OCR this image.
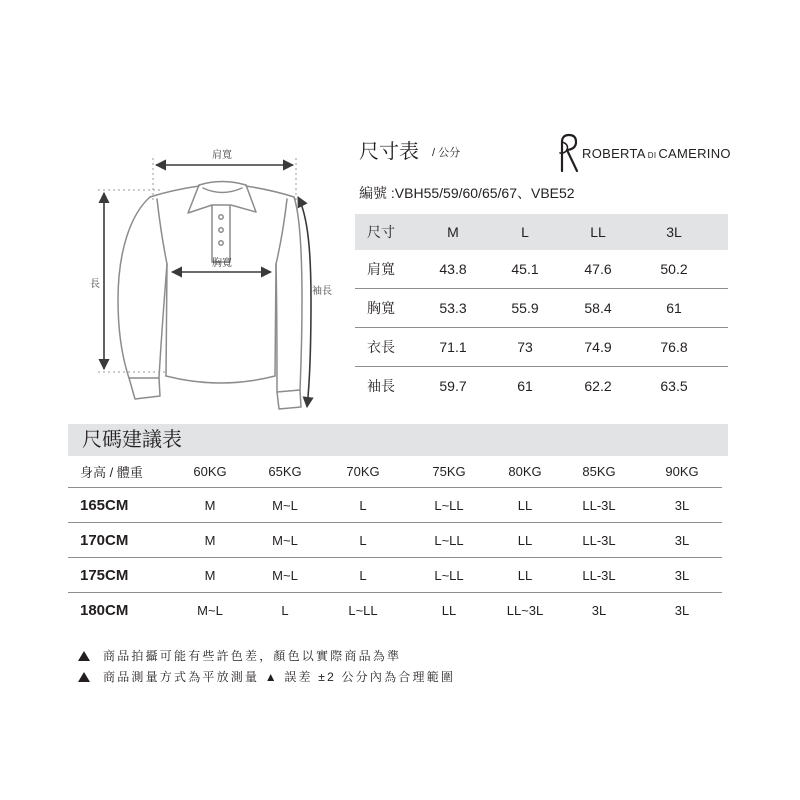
肩寬
胸寬
長
袖長
尺寸表 / 公分
編號 :VBH55/59/60/65/67、VBE52
ROBERTA DI CAMERINO
尺寸	M	L	LL	3L
肩寬	43.8	45.1	47.6	50.2
胸寬	53.3	55.9	58.4	61
衣長	71.1	73	74.9	76.8
袖長	59.7	61	62.2	63.5
尺碼建議表
身高 / 體重	60KG	65KG	70KG	75KG	80KG	85KG	90KG
165CM	M	M~L	L	L~LL	LL	LL-3L	3L
170CM	M	M~L	L	L~LL	LL	LL-3L	3L
175CM	M	M~L	L	L~LL	LL	LL-3L	3L
180CM	M~L	L	L~LL	LL	LL~3L	3L	3L
商品拍攝可能有些許色差，顏色以實際商品為準
商品測量方式為平放測量 ▲ 誤差 ±2 公分內為合理範圍
